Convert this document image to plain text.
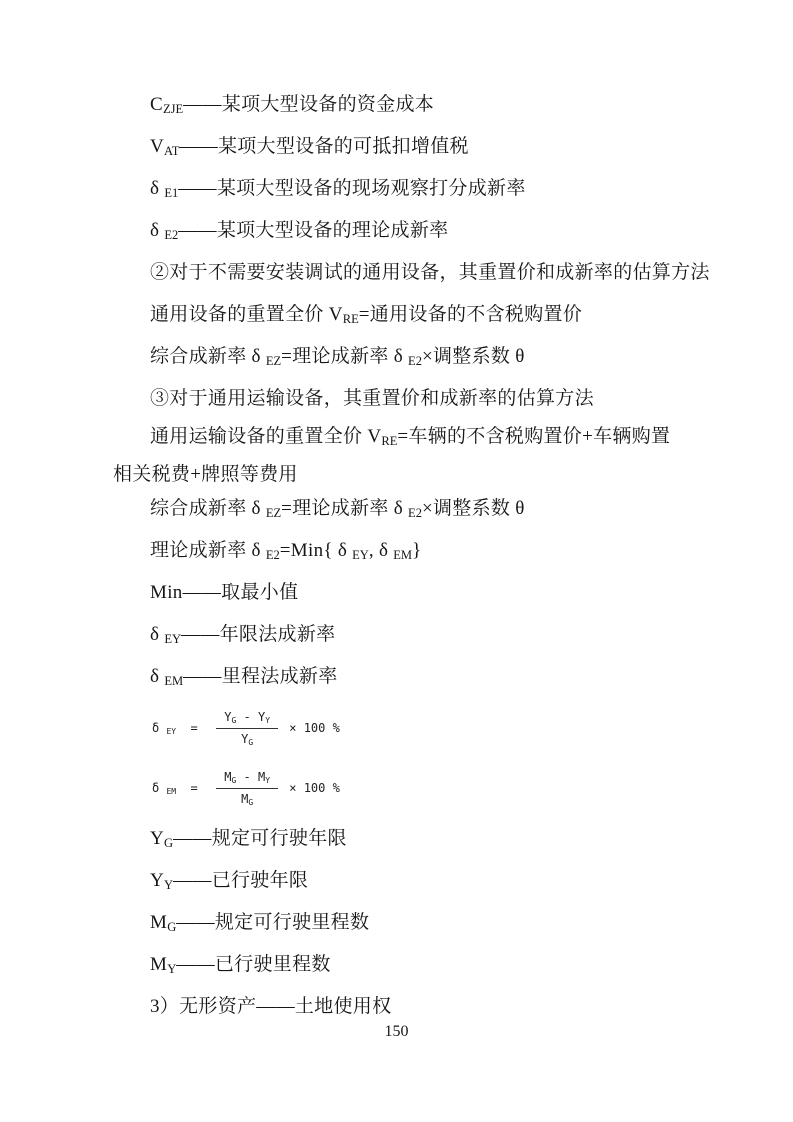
CZJE——某项大型设备的资金成本
VAT——某项大型设备的可抵扣增值税
δ E1——某项大型设备的现场观察打分成新率
δ E2——某项大型设备的理论成新率
②对于不需要安装调试的通用设备，其重置价和成新率的估算方法
通用设备的重置全价 VRE=通用设备的不含税购置价
综合成新率 δ EZ=理论成新率 δ E2×调整系数 θ
③对于通用运输设备，其重置价和成新率的估算方法
通用运输设备的重置全价 VRE=车辆的不含税购置价+车辆购置相关税费+牌照等费用
综合成新率 δ EZ=理论成新率 δ E2×调整系数 θ
理论成新率 δ E2=Min{ δ EY, δ EM}
Min——取最小值
δ EY——年限法成新率
δ EM——里程法成新率
δ EY  = $\frac{YG - YY}{YG} \times 100$ %
δ EM  = $\frac{MG - MY}{MG} \times 100$ %
YG——规定可行驶年限
YY——已行驶年限
MG——规定可行驶里程数
MY——已行驶里程数
3）无形资产——土地使用权
150
